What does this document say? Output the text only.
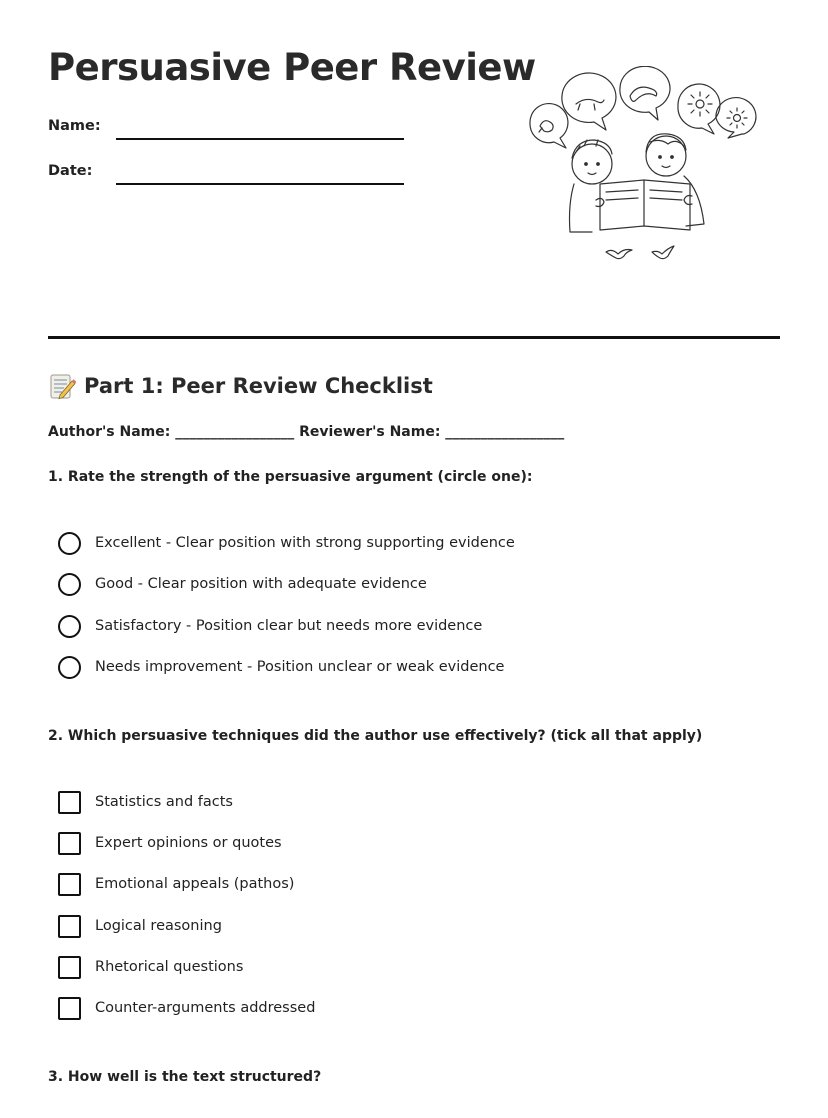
Persuasive Peer Review
Name:
Date:
Part 1: Peer Review Checklist
Author's Name: _________________ Reviewer's Name: _________________

1. Rate the strength of the persuasive argument (circle one):

Excellent - Clear position with strong supporting evidence
Good - Clear position with adequate evidence
Satisfactory - Position clear but needs more evidence
Needs improvement - Position unclear or weak evidence

2. Which persuasive techniques did the author use effectively? (tick all that apply)

Statistics and facts
Expert opinions or quotes
Emotional appeals (pathos)
Logical reasoning
Rhetorical questions
Counter-arguments addressed

3. How well is the text structured?
